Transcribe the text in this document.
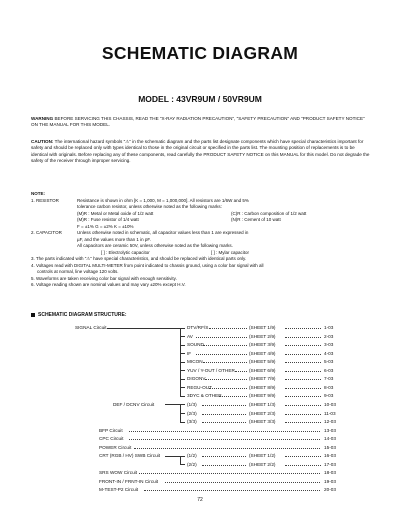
SCHEMATIC DIAGRAM
MODEL : 43VR9UM / 50VR9UM
WARNING BEFORE SERVICING THIS CHASSIS, READ THE "X-RAY RADIATION PRECAUTION", "SAFETY PRECAUTION" AND "PRODUCT SAFETY NOTICE" ON THE MANUAL FOR THIS MODEL.
CAUTION: The international hazard symbols "⚠" in the schematic diagram and the parts list designate components which have special characteristics important for safety and should be replaced only with types identical to those in the original circuit or specified in the parts list. The mounting position of replacements is to be identical with originals. Before replacing any of these components, read carefully the PRODUCT SAFETY NOTICE on this MANUAL for this model. Do not degrade the safety of the receiver through improper servicing.
NOTE:
1. RESISTOR	Resistance is shown in ohm [K = 1,000, M = 1,000,000]. All resistors are 1/6W and 5%
tolerance carbon resistor, unless otherwise noted as the following marks:
(M)R : Metal or Metal oxide of 1/2 watt	(C)R : Carbon composition of 1/2 watt
(M)R : Fuse resistor of 1/4 watt	(N)R : Cement of 10 watt
F = ±1% G = ±2% K = ±10%
2. CAPACITOR	Unless otherwise noted in schematic, all capacitor values less than 1 are expressed in
µF, and the values more than 1 in pF.
All capacitors are ceramic 50V, unless otherwise noted as the following marks.
[ ] : Electrolytic capacitor	[ ] : Mylar capacitor
3. The parts indicated with "⚠" have special characteristics, and should be replaced with identical parts only.
4. Voltages read with DIGITAL MULTI-METER from point indicated to chassis ground, using a color bar signal with all
controls at normal, line voltage 120 volts.
5. Waveforms are taken receiving color bar signal with enough sensitivity.
6. Voltage reading shown are nominal values and may vary ±20% except H.V.
SCHEMATIC DIAGRAM STRUCTURE:
SIGNAL Circuit	DTV/RF/S	(SHEET 1/9)	1-03
AV	(SHEET 2/9)	2-03
SOUND	(SHEET 3/9)	3-03
IF	(SHEET 4/9)	4-03
MICON	(SHEET 5/9)	5-03
YUV / Y-OUT / OTHER	(SHEET 6/9)	6-03
DIGONV	(SHEET 7/9)	7-03
REGU-OUT	(SHEET 8/9)	8-03
3DYC & OTHER	(SHEET 9/9)	9-03
DEF / DCNV Circuit	(1/3)	(SHEET 1/3)	10-03
(2/3)	(SHEET 2/3)	11-03
(3/3)	(SHEET 3/3)	12-03
BFP Circuit	13-03
CPC Circuit	14-03
POWER Circuit	15-03
CRT (RGB / HV) SWB Circuit	(1/2)	(SHEET 1/2)	16-03
(2/2)	(SHEET 2/2)	17-03
SRS WOW Circuit	18-03
FRONT-IN / FRNT-IN Circuit	19-03
M-TEST-P2 Circuit	20-03
72
